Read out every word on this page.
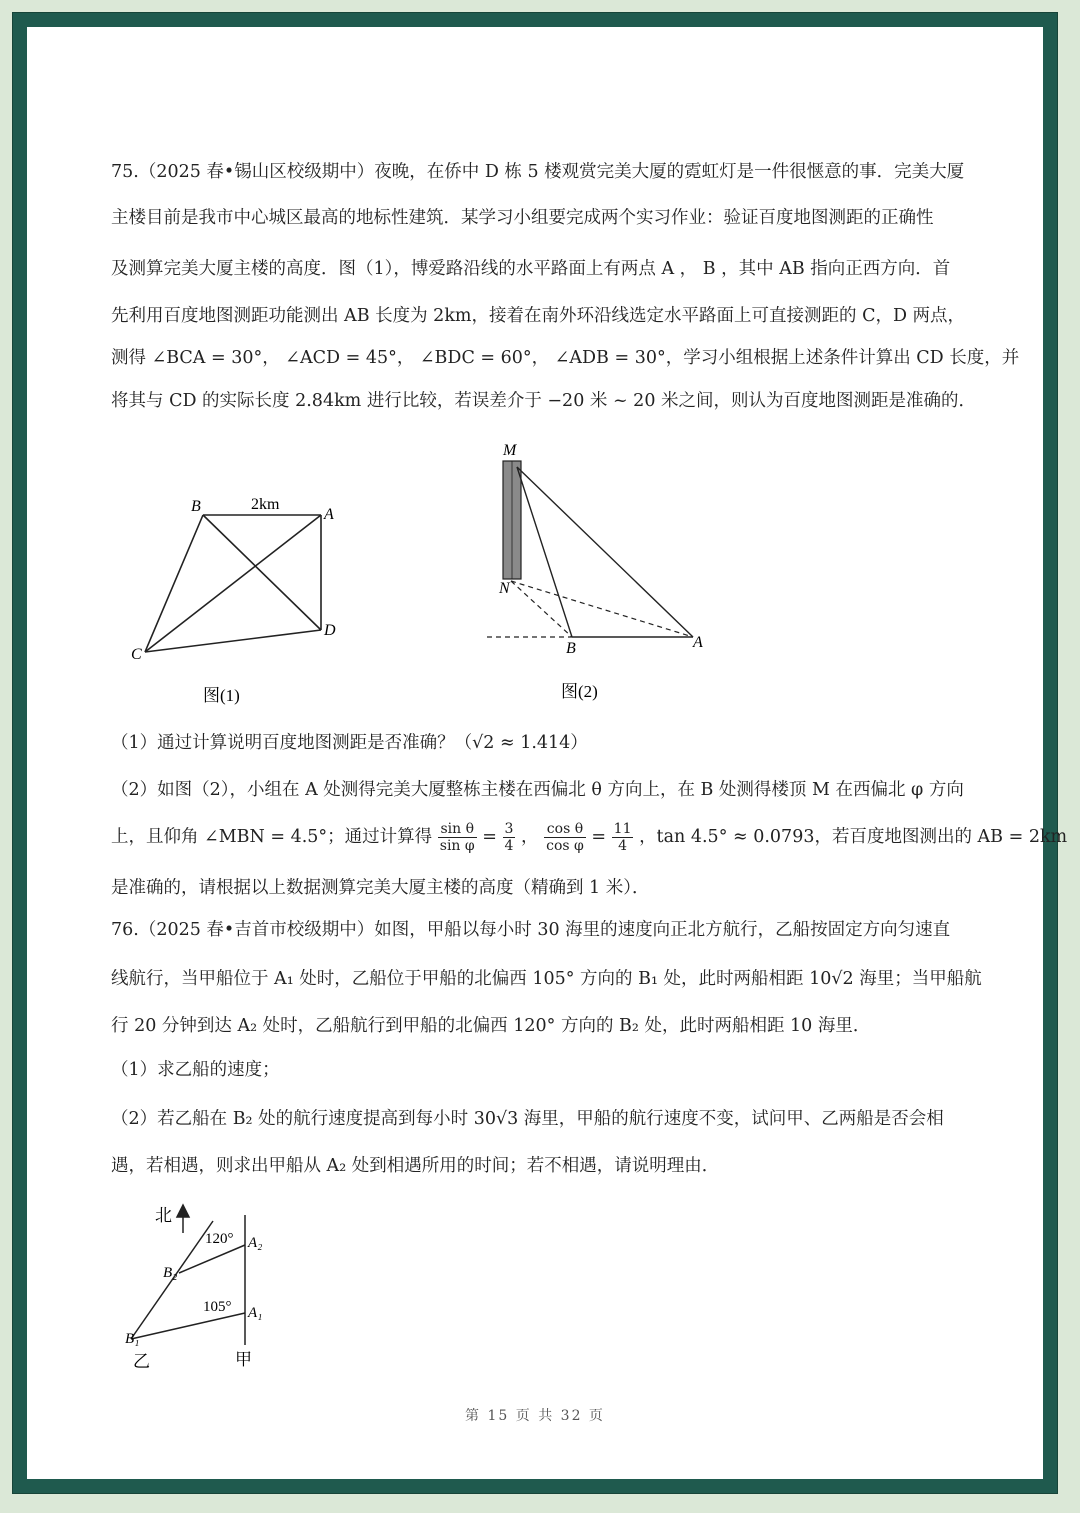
75.（2025 春•锡山区校级期中）夜晚，在侨中 D 栋 5 楼观赏完美大厦的霓虹灯是一件很惬意的事．完美大厦
主楼目前是我市中心城区最高的地标性建筑．某学习小组要完成两个实习作业：验证百度地图测距的正确性
及测算完美大厦主楼的高度．图（1），博爱路沿线的水平路面上有两点 A ， B ，其中 AB 指向正西方向．首
先利用百度地图测距功能测出 AB 长度为 2km，接着在南外环沿线选定水平路面上可直接测距的 C，D 两点，
测得 ∠BCA = 30°， ∠ACD = 45°， ∠BDC = 60°， ∠ADB = 30°，学习小组根据上述条件计算出 CD 长度，并
将其与 CD 的实际长度 2.84km 进行比较，若误差介于 −20 米 ~ 20 米之间，则认为百度地图测距是准确的．
B	2km
A
D
C
图(1)
M
N
B	A
图(2)
（1）通过计算说明百度地图测距是否准确？（√2 ≈ 1.414）
（2）如图（2），小组在 A 处测得完美大厦整栋主楼在西偏北 θ 方向上，在 B 处测得楼顶 M 在西偏北 φ 方向
上，且仰角 ∠MBN = 4.5°；通过计算得 $\frac{\text{sin θ}}{\text{sin φ}} = \frac{3}{4}$ ， $\frac{\text{cos θ}}{\text{cos φ}} = \frac{11}{4}$ ，tan 4.5° ≈ 0.0793，若百度地图测出的 AB = 2km
是准确的，请根据以上数据测算完美大厦主楼的高度（精确到 1 米）．
76.（2025 春•吉首市校级期中）如图，甲船以每小时 30 海里的速度向正北方航行，乙船按固定方向匀速直
线航行，当甲船位于 A₁ 处时，乙船位于甲船的北偏西 105° 方向的 B₁ 处，此时两船相距 10√2 海里；当甲船航
行 20 分钟到达 A₂ 处时，乙船航行到甲船的北偏西 120° 方向的 B₂ 处，此时两船相距 10 海里．
（1）求乙船的速度；
（2）若乙船在 B₂ 处的航行速度提高到每小时 30√3 海里，甲船的航行速度不变，试问甲、乙两船是否会相
遇，若相遇，则求出甲船从 A₂ 处到相遇所用的时间；若不相遇，请说明理由．
北
120° A₂
B₂
105° A₁
B₁
乙	甲
第 15 页 共 32 页
